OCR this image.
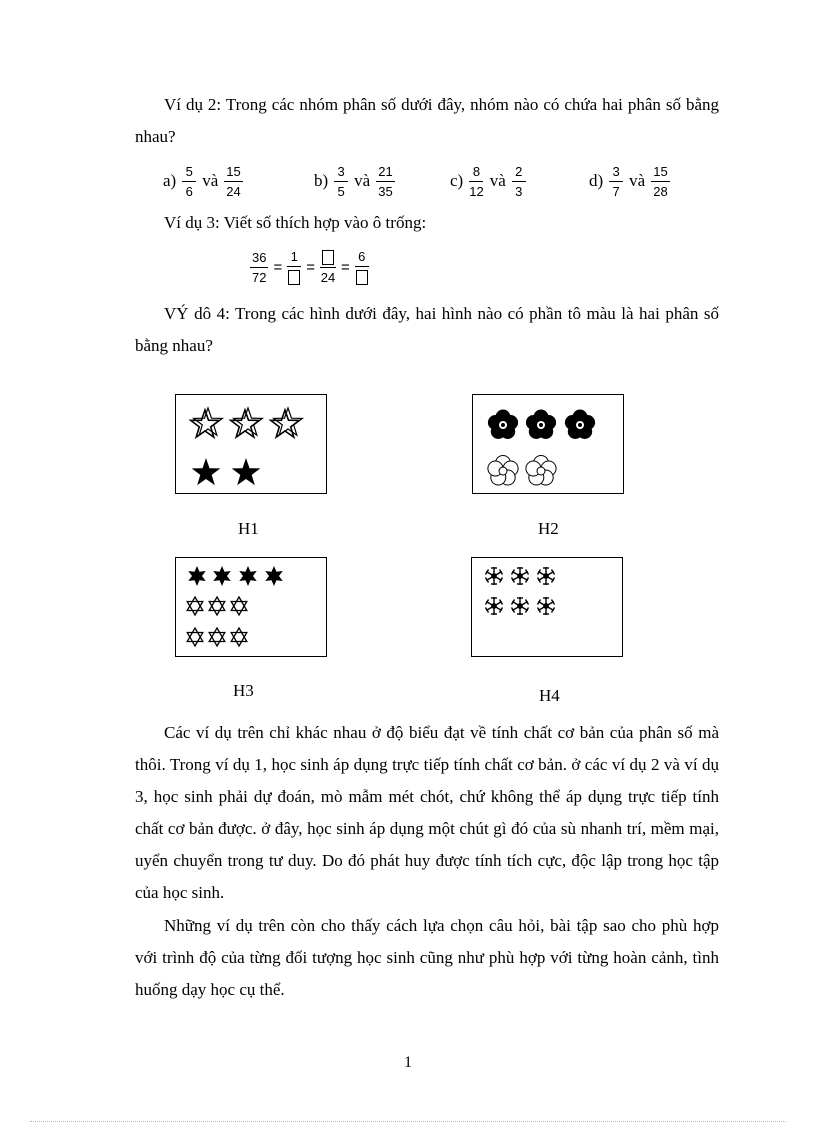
Ví dụ 2: Trong các nhóm phân số dưới đây, nhóm nào có chứa hai phân số bằng nhau?
$a) \frac{5}{6}$ và $\frac{15}{24}$	$b) \frac{3}{5}$ và $\frac{21}{35}$	$c) \frac{8}{12}$ và $\frac{2}{3}$	$d) \frac{3}{7}$ và $\frac{15}{28}$
Ví dụ 3: Viết số thích hợp vào ô trống:
$\frac{36}{72}$ =
1
=
24
=
6
VÝ dô 4: Trong các hình dưới đây, hai hình nào có phần tô màu là hai phân số bằng nhau?
H1	H2
H3	H4
Các ví dụ trên chỉ khác nhau ở độ biểu đạt về tính chất cơ bản của phân số mà thôi. Trong ví dụ 1, học sinh áp dụng trực tiếp tính chất cơ bản. ở các ví dụ 2 và ví dụ 3, học sinh phải dự đoán, mò mẫm mét chót, chứ không thể áp dụng trực tiếp tính chất cơ bản được. ở đây, học sinh áp dụng một chút gì đó của sù nhanh trí, mềm mại, uyển chuyển trong tư duy. Do đó phát huy được tính tích cực, độc lập trong học tập của học sinh.
Những ví dụ trên còn cho thấy cách lựa chọn câu hỏi, bài tập sao cho phù hợp với trình độ của từng đối tượng học sinh cũng như phù hợp với từng hoàn cảnh, tình huống dạy học cụ thể.
1
